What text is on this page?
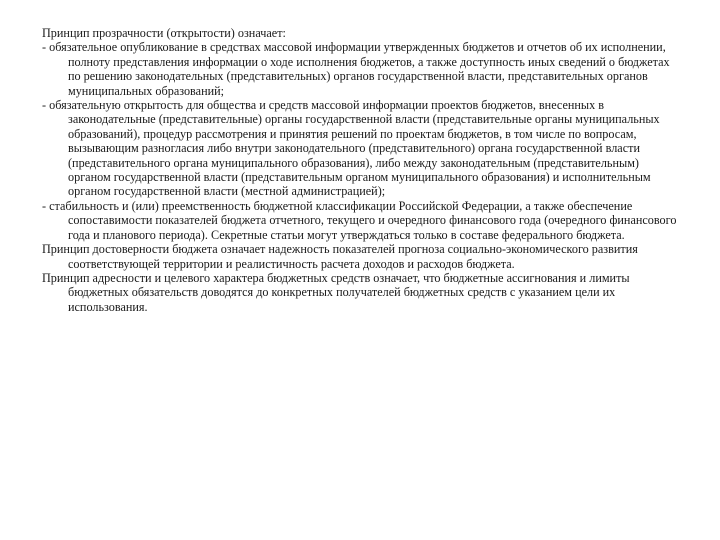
Принцип прозрачности (открытости) означает:

- обязательное опубликование в средствах массовой информации утвержденных бюджетов и отчетов об их исполнении, полноту представления информации о ходе исполнения бюджетов, а также доступность иных сведений о бюджетах по решению законодательных (представительных) органов государственной власти, представительных органов муниципальных образований;

- обязательную открытость для общества и средств массовой информации проектов бюджетов, внесенных в законодательные (представительные) органы государственной власти (представительные органы муниципальных образований), процедур рассмотрения и принятия решений по проектам бюджетов, в том числе по вопросам, вызывающим разногласия либо внутри законодательного (представительного) органа государственной власти (представительного органа муниципального образования), либо между законодательным (представительным) органом государственной власти (представительным органом муниципального образования) и исполнительным органом государственной власти (местной администрацией);

- стабильность и (или) преемственность бюджетной классификации Российской Федерации, а также обеспечение сопоставимости показателей бюджета отчетного, текущего и очередного финансового года (очередного финансового года и планового периода). Секретные статьи могут утверждаться только в составе федерального бюджета.

Принцип достоверности бюджета означает надежность показателей прогноза социально-экономического развития соответствующей территории и реалистичность расчета доходов и расходов бюджета.

Принцип адресности и целевого характера бюджетных средств означает, что бюджетные ассигнования и лимиты бюджетных обязательств доводятся до конкретных получателей бюджетных средств с указанием цели их использования.
